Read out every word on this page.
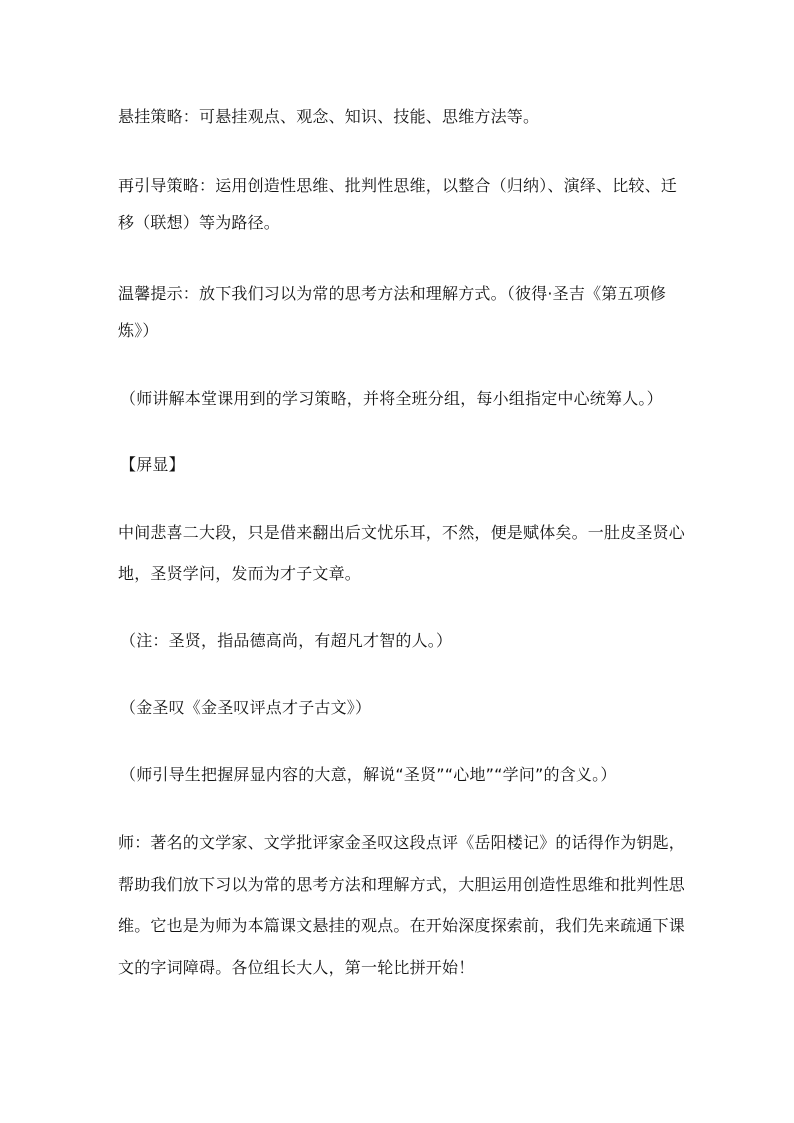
悬挂策略：可悬挂观点、观念、知识、技能、思维方法等。
再引导策略：运用创造性思维、批判性思维，以整合（归纳）、演绎、比较、迁
移（联想）等为路径。
温馨提示：放下我们习以为常的思考方法和理解方式。（彼得·圣吉《第五项修
炼》）
（师讲解本堂课用到的学习策略，并将全班分组，每小组指定中心统筹人。）
【屏显】
中间悲喜二大段，只是借来翻出后文忧乐耳，不然，便是赋体矣。一肚皮圣贤心
地，圣贤学问，发而为才子文章。
（注：圣贤，指品德高尚，有超凡才智的人。）
（金圣叹《金圣叹评点才子古文》）
（师引导生把握屏显内容的大意，解说“圣贤”“心地”“学问”的含义。）
师：著名的文学家、文学批评家金圣叹这段点评《岳阳楼记》的话得作为钥匙，
帮助我们放下习以为常的思考方法和理解方式，大胆运用创造性思维和批判性思
维。它也是为师为本篇课文悬挂的观点。在开始深度探索前，我们先来疏通下课
文的字词障碍。各位组长大人，第一轮比拼开始！
